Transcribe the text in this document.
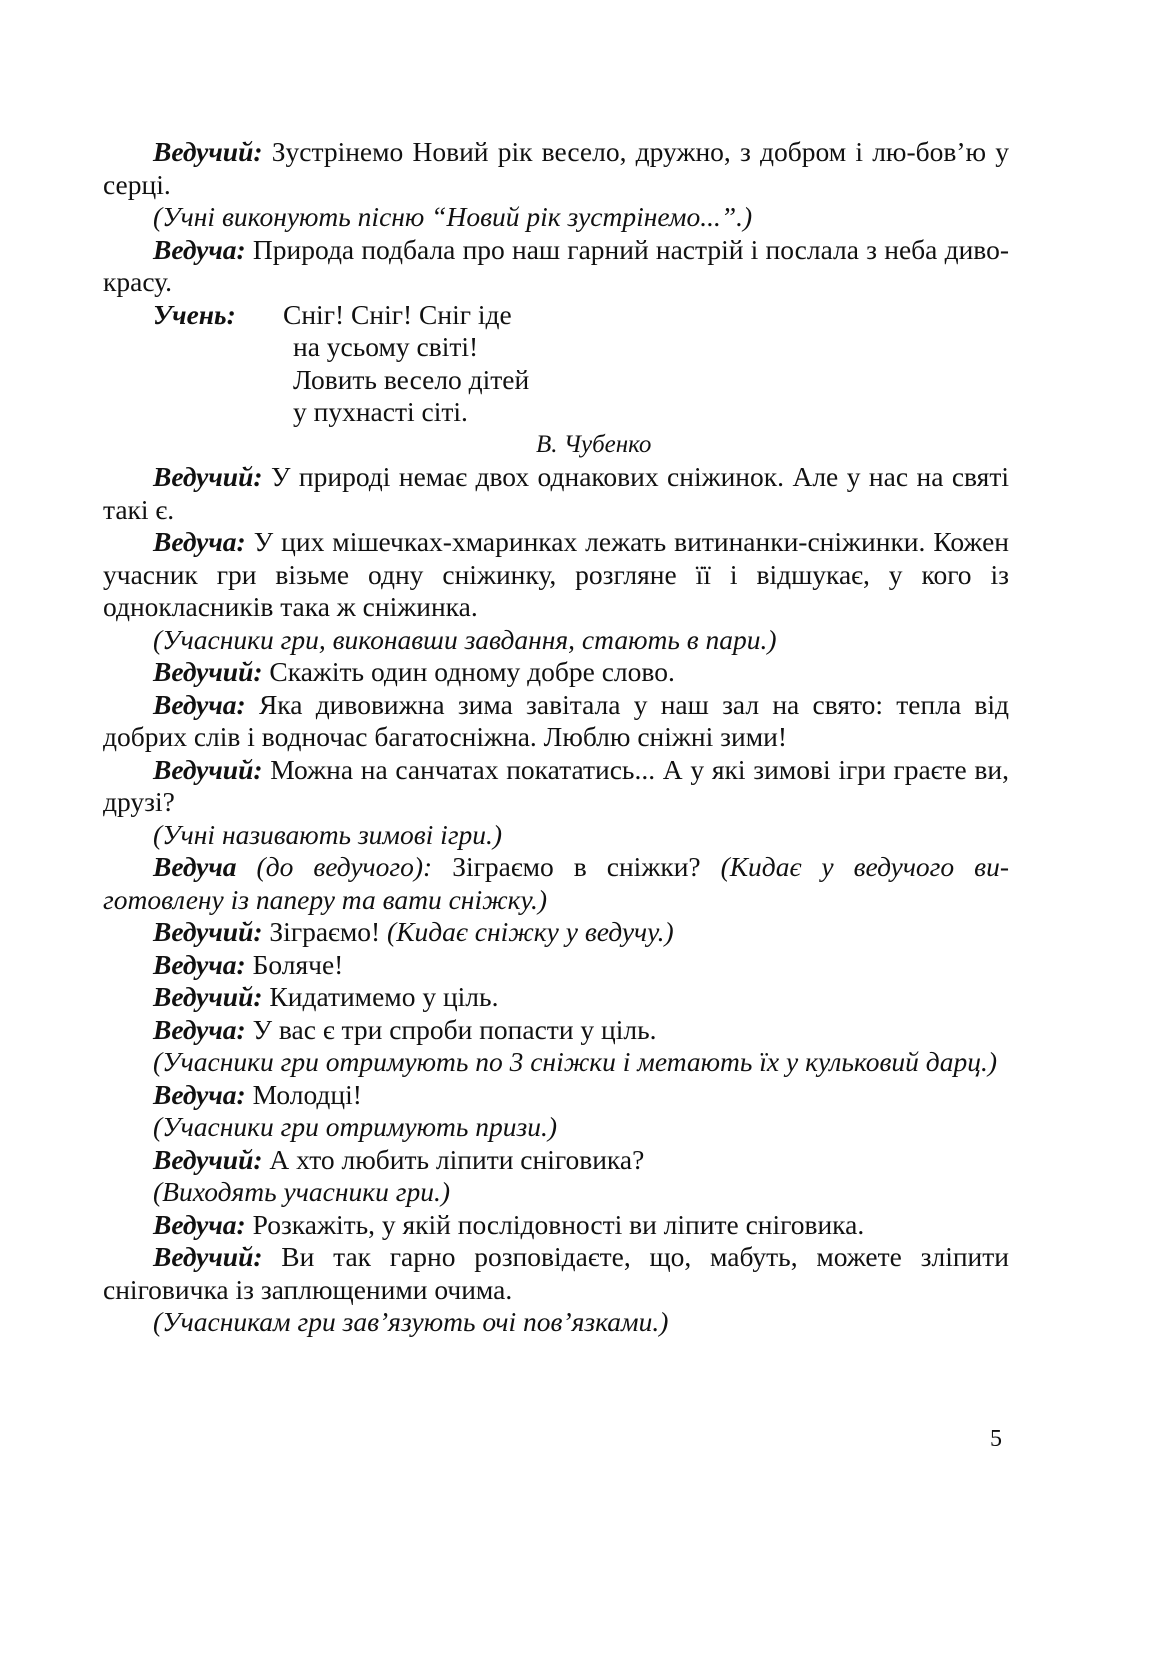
Ведучий: Зустрінемо Новий рік весело, дружно, з добром і лю-бов’ю у серці.

(Учні виконують пісню “Новий рік зустрінемо...”.)

Ведуча: Природа подбала про наш гарний настрій і послала з неба диво-красу.

Учень:	Сніг! Сніг! Сніг іде
на усьому світі!
Ловить весело дітей
у пухнасті сіті.

В. Чубенко

Ведучий: У природі немає двох однакових сніжинок. Але у нас на святі такі є.

Ведуча: У цих мішечках-хмаринках лежать витинанки-сніжинки. Кожен учасник гри візьме одну сніжинку, розгляне її і відшукає, у кого із однокласників така ж сніжинка.

(Учасники гри, виконавши завдання, стають в пари.)

Ведучий: Скажіть один одному добре слово.

Ведуча: Яка дивовижна зима завітала у наш зал на свято: тепла від добрих слів і водночас багатосніжна. Люблю сніжні зими!

Ведучий: Можна на санчатах покататись... А у які зимові ігри граєте ви, друзі?

(Учні називають зимові ігри.)

Ведуча (до ведучого): Зіграємо в сніжки? (Кидає у ведучого ви-готовлену із паперу та вати сніжку.)

Ведучий: Зіграємо! (Кидає сніжку у ведучу.)

Ведуча: Боляче!

Ведучий: Кидатимемо у ціль.

Ведуча: У вас є три спроби попасти у ціль.

(Учасники гри отримують по 3 сніжки і метають їх у кульковий дарц.)

Ведуча: Молодці!

(Учасники гри отримують призи.)

Ведучий: А хто любить ліпити сніговика?

(Виходять учасники гри.)

Ведуча: Розкажіть, у якій послідовності ви ліпите сніговика.

Ведучий: Ви так гарно розповідаєте, що, мабуть, можете зліпити сніговичка із заплющеними очима.

(Учасникам гри зав’язують очі пов’язками.)

5
